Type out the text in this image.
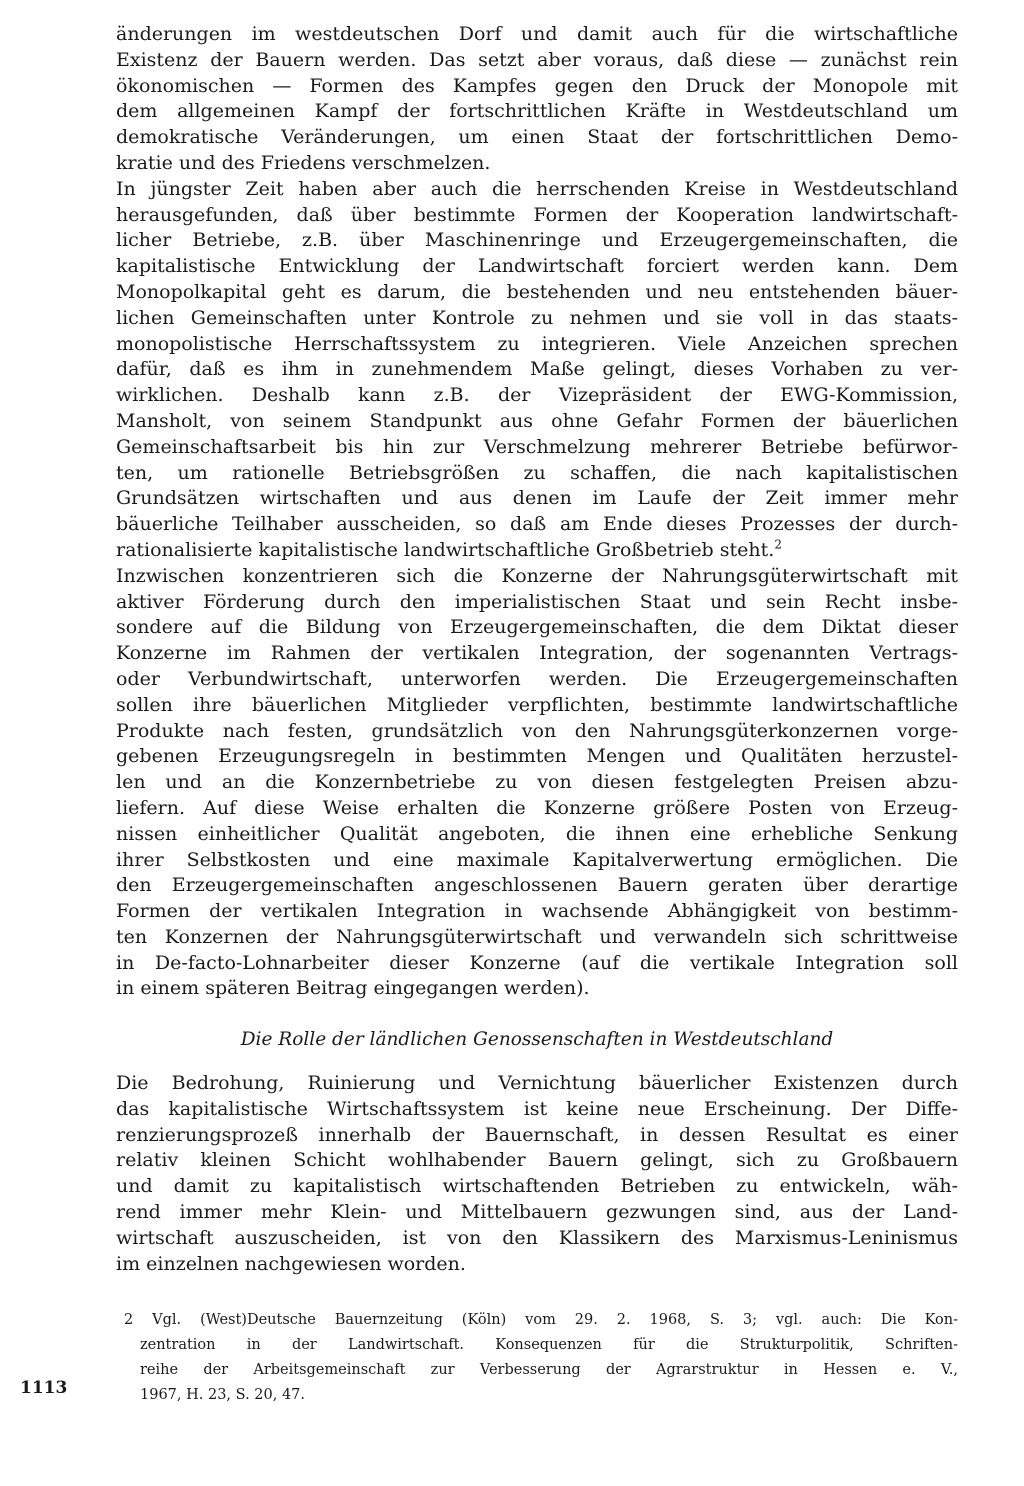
änderungen im westdeutschen Dorf und damit auch für die wirtschaftliche
Existenz der Bauern werden. Das setzt aber voraus, daß diese — zunächst rein
ökonomischen — Formen des Kampfes gegen den Druck der Monopole mit
dem allgemeinen Kampf der fortschrittlichen Kräfte in Westdeutschland um
demokratische Veränderungen, um einen Staat der fortschrittlichen Demo-
kratie und des Friedens verschmelzen.

In jüngster Zeit haben aber auch die herrschenden Kreise in Westdeutschland
herausgefunden, daß über bestimmte Formen der Kooperation landwirtschaft-
licher Betriebe, z.B. über Maschinenringe und Erzeugergemeinschaften, die
kapitalistische Entwicklung der Landwirtschaft forciert werden kann. Dem
Monopolkapital geht es darum, die bestehenden und neu entstehenden bäuer-
lichen Gemeinschaften unter Kontrole zu nehmen und sie voll in das staats-
monopolistische Herrschaftssystem zu integrieren. Viele Anzeichen sprechen
dafür, daß es ihm in zunehmendem Maße gelingt, dieses Vorhaben zu ver-
wirklichen. Deshalb kann z.B. der Vizepräsident der EWG-Kommission,
Mansholt, von seinem Standpunkt aus ohne Gefahr Formen der bäuerlichen
Gemeinschaftsarbeit bis hin zur Verschmelzung mehrerer Betriebe befürwor-
ten, um rationelle Betriebsgrößen zu schaffen, die nach kapitalistischen
Grundsätzen wirtschaften und aus denen im Laufe der Zeit immer mehr
bäuerliche Teilhaber ausscheiden, so daß am Ende dieses Prozesses der durch-
rationalisierte kapitalistische landwirtschaftliche Großbetrieb steht.$^2$

Inzwischen konzentrieren sich die Konzerne der Nahrungsgüterwirtschaft mit
aktiver Förderung durch den imperialistischen Staat und sein Recht insbe-
sondere auf die Bildung von Erzeugergemeinschaften, die dem Diktat dieser
Konzerne im Rahmen der vertikalen Integration, der sogenannten Vertrags-
oder Verbundwirtschaft, unterworfen werden. Die Erzeugergemeinschaften
sollen ihre bäuerlichen Mitglieder verpflichten, bestimmte landwirtschaftliche
Produkte nach festen, grundsätzlich von den Nahrungsgüterkonzernen vorge-
gebenen Erzeugungsregeln in bestimmten Mengen und Qualitäten herzustel-
len und an die Konzernbetriebe zu von diesen festgelegten Preisen abzu-
liefern. Auf diese Weise erhalten die Konzerne größere Posten von Erzeug-
nissen einheitlicher Qualität angeboten, die ihnen eine erhebliche Senkung
ihrer Selbstkosten und eine maximale Kapitalverwertung ermöglichen. Die
den Erzeugergemeinschaften angeschlossenen Bauern geraten über derartige
Formen der vertikalen Integration in wachsende Abhängigkeit von bestimm-
ten Konzernen der Nahrungsgüterwirtschaft und verwandeln sich schrittweise
in De-facto-Lohnarbeiter dieser Konzerne (auf die vertikale Integration soll
in einem späteren Beitrag eingegangen werden).

Die Rolle der ländlichen Genossenschaften in Westdeutschland

Die Bedrohung, Ruinierung und Vernichtung bäuerlicher Existenzen durch
das kapitalistische Wirtschaftssystem ist keine neue Erscheinung. Der Diffe-
renzierungsprozeß innerhalb der Bauernschaft, in dessen Resultat es einer
relativ kleinen Schicht wohlhabender Bauern gelingt, sich zu Großbauern
und damit zu kapitalistisch wirtschaftenden Betrieben zu entwickeln, wäh-
rend immer mehr Klein- und Mittelbauern gezwungen sind, aus der Land-
wirtschaft auszuscheiden, ist von den Klassikern des Marxismus-Leninismus
im einzelnen nachgewiesen worden.

2 Vgl. (West)Deutsche Bauernzeitung (Köln) vom 29. 2. 1968, S. 3; vgl. auch: Die Kon-
zentration in der Landwirtschaft. Konsequenzen für die Strukturpolitik, Schriften-
reihe der Arbeitsgemeinschaft zur Verbesserung der Agrarstruktur in Hessen e. V.,
1967, H. 23, S. 20, 47.
1113
